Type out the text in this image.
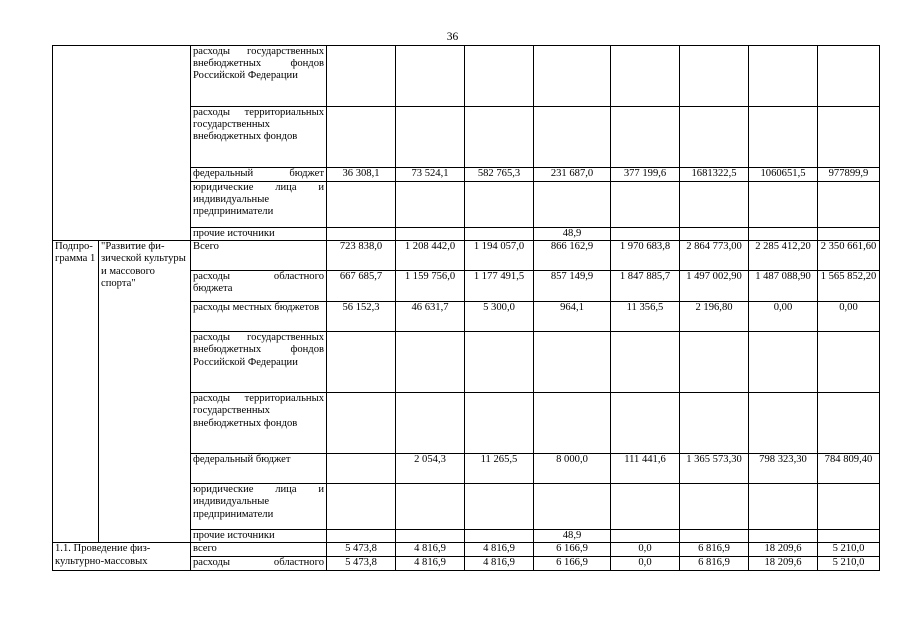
36
		расходы государственных внебюджетных фондов Российской Федерации								
		расходы территориальных государственных внебюджетных фондов								
		федеральный бюджет	36 308,1	73 524,1	582 765,3	231 687,0	377 199,6	1681322,5	1060651,5	977899,9
		юридические лица и индивидуальные предприниматели								
		прочие источники				48,9				
Подпрограмма 1	"Развитие физической культуры и массового спорта"	Всего	723 838,0	1 208 442,0	1 194 057,0	866 162,9	1 970 683,8	2 864 773,00	2 285 412,20	2 350 661,60
		расходы областного бюджета	667 685,7	1 159 756,0	1 177 491,5	857 149,9	1 847 885,7	1 497 002,90	1 487 088,90	1 565 852,20
		расходы местных бюджетов	56 152,3	46 631,7	5 300,0	964,1	11 356,5	2 196,80	0,00	0,00
		расходы государственных внебюджетных фондов Российской Федерации								
		расходы территориальных государственных внебюджетных фондов								
		федеральный бюджет		2 054,3	11 265,5	8 000,0	111 441,6	1 365 573,30	798 323,30	784 809,40
		юридические лица и индивидуальные предприниматели								
		прочие источники				48,9				
1.1. Проведение физкультурно-массовых		всего	5 473,8	4 816,9	4 816,9	6 166,9	0,0	6 816,9	18 209,6	5 210,0
		расходы областного	5 473,8	4 816,9	4 816,9	6 166,9	0,0	6 816,9	18 209,6	5 210,0
